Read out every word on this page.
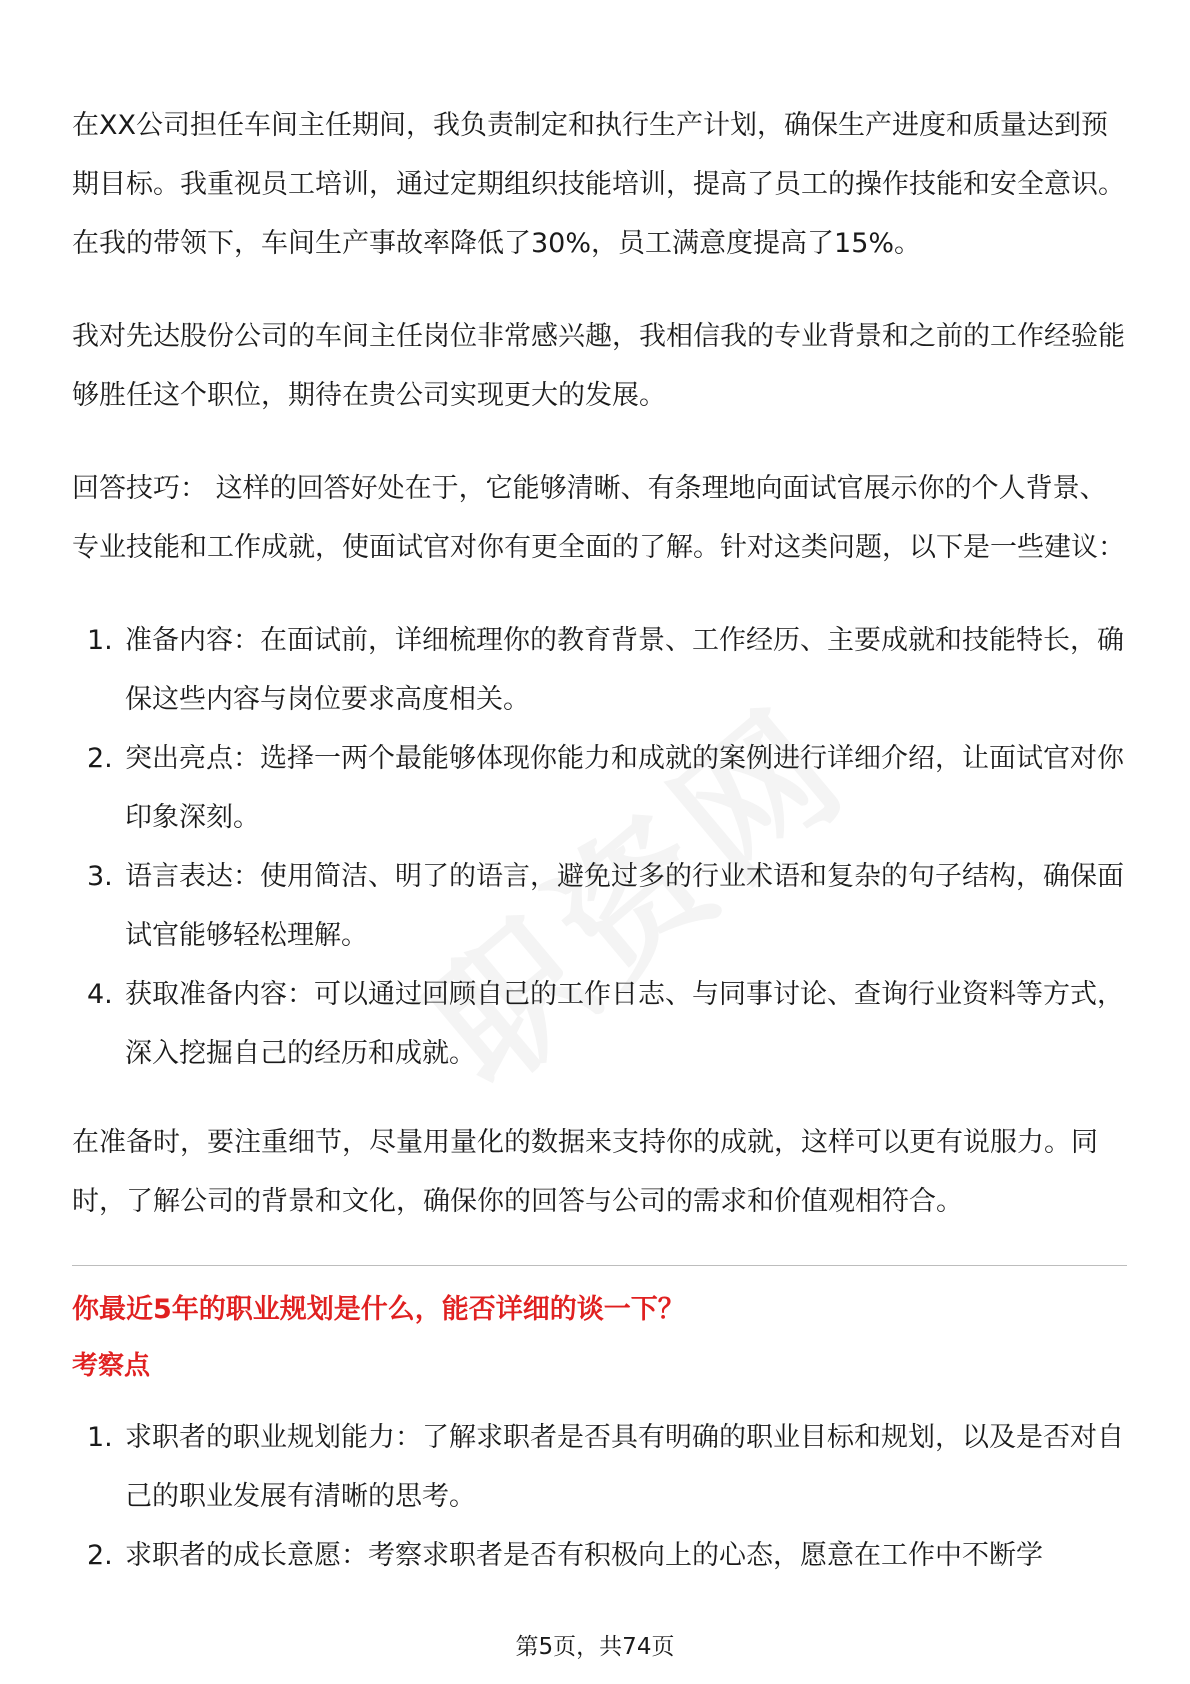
在XX公司担任车间主任期间，我负责制定和执行生产计划，确保生产进度和质量达到预期目标。我重视员工培训，通过定期组织技能培训，提高了员工的操作技能和安全意识。在我的带领下，车间生产事故率降低了30%，员工满意度提高了15%。

我对先达股份公司的车间主任岗位非常感兴趣，我相信我的专业背景和之前的工作经验能够胜任这个职位，期待在贵公司实现更大的发展。

回答技巧： 这样的回答好处在于，它能够清晰、有条理地向面试官展示你的个人背景、专业技能和工作成就，使面试官对你有更全面的了解。针对这类问题，以下是一些建议：

1. 准备内容：在面试前，详细梳理你的教育背景、工作经历、主要成就和技能特长，确保这些内容与岗位要求高度相关。
2. 突出亮点：选择一两个最能够体现你能力和成就的案例进行详细介绍，让面试官对你印象深刻。
3. 语言表达：使用简洁、明了的语言，避免过多的行业术语和复杂的句子结构，确保面试官能够轻松理解。
4. 获取准备内容：可以通过回顾自己的工作日志、与同事讨论、查询行业资料等方式，深入挖掘自己的经历和成就。

在准备时，要注重细节，尽量用量化的数据来支持你的成就，这样可以更有说服力。同时，了解公司的背景和文化，确保你的回答与公司的需求和价值观相符合。

你最近5年的职业规划是什么，能否详细的谈一下？
考察点
1. 求职者的职业规划能力：了解求职者是否具有明确的职业目标和规划，以及是否对自己的职业发展有清晰的思考。
2. 求职者的成长意愿：考察求职者是否有积极向上的心态，愿意在工作中不断学
第5页，共74页
